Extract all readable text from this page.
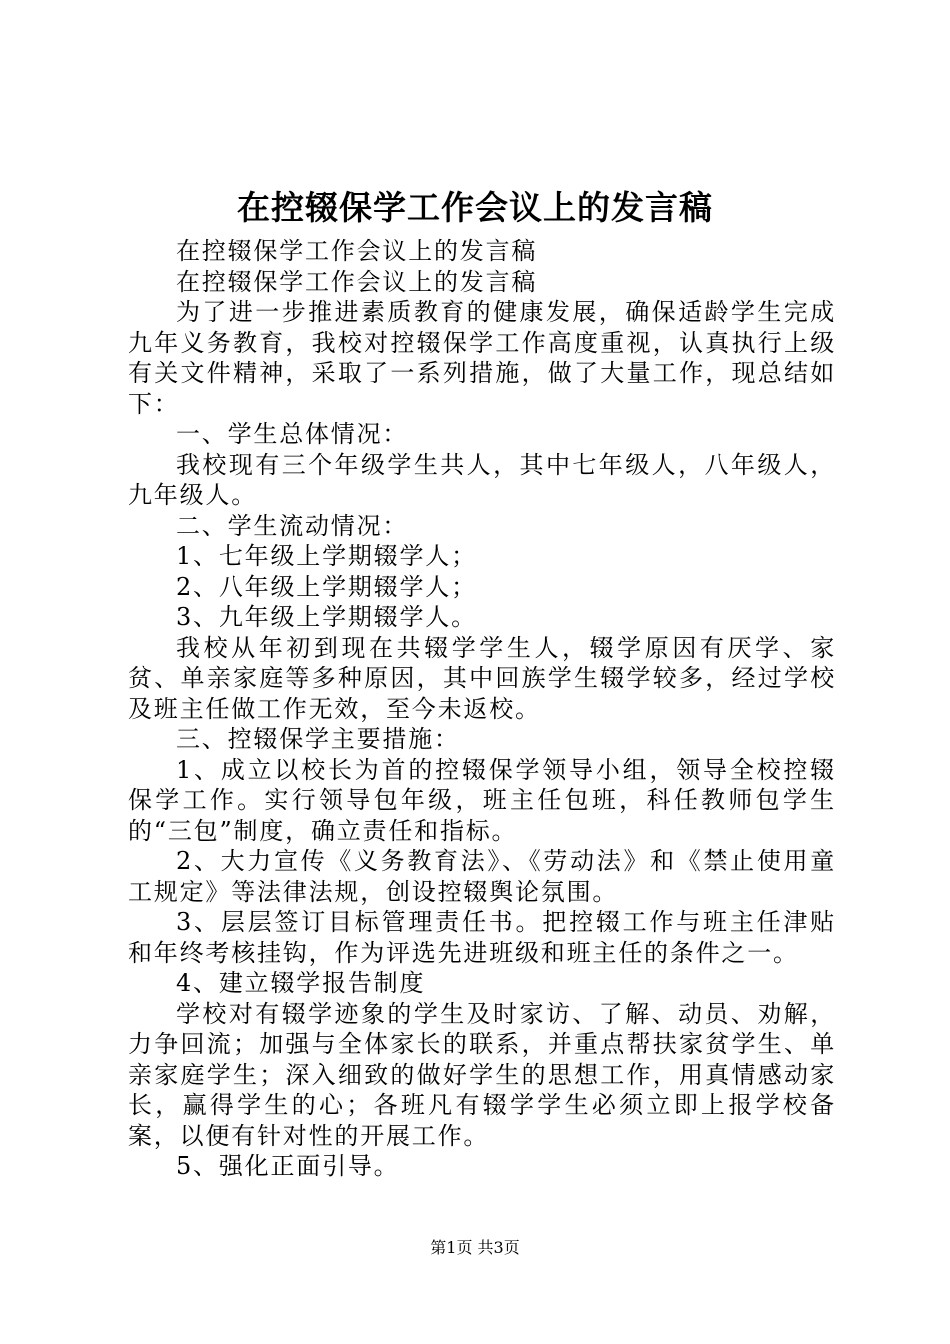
在控辍保学工作会议上的发言稿

在控辍保学工作会议上的发言稿

在控辍保学工作会议上的发言稿

为了进一步推进素质教育的健康发展，确保适龄学生完成九年义务教育，我校对控辍保学工作高度重视，认真执行上级有关文件精神，采取了一系列措施，做了大量工作，现总结如下：

一、学生总体情况：

我校现有三个年级学生共人，其中七年级人，八年级人，九年级人。

二、学生流动情况：

1、七年级上学期辍学人；

2、八年级上学期辍学人；

3、九年级上学期辍学人。

我校从年初到现在共辍学学生人，辍学原因有厌学、家贫、单亲家庭等多种原因，其中回族学生辍学较多，经过学校及班主任做工作无效，至今未返校。

三、控辍保学主要措施：

1、成立以校长为首的控辍保学领导小组，领导全校控辍保学工作。实行领导包年级，班主任包班，科任教师包学生的“三包”制度，确立责任和指标。

2、大力宣传《义务教育法》、《劳动法》和《禁止使用童工规定》等法律法规，创设控辍舆论氛围。

3、层层签订目标管理责任书。把控辍工作与班主任津贴和年终考核挂钩，作为评选先进班级和班主任的条件之一。

4、建立辍学报告制度

学校对有辍学迹象的学生及时家访、了解、动员、劝解，力争回流；加强与全体家长的联系，并重点帮扶家贫学生、单亲家庭学生；深入细致的做好学生的思想工作，用真情感动家长，赢得学生的心；各班凡有辍学学生必须立即上报学校备案，以便有针对性的开展工作。

5、强化正面引导。

第1页 共3页
